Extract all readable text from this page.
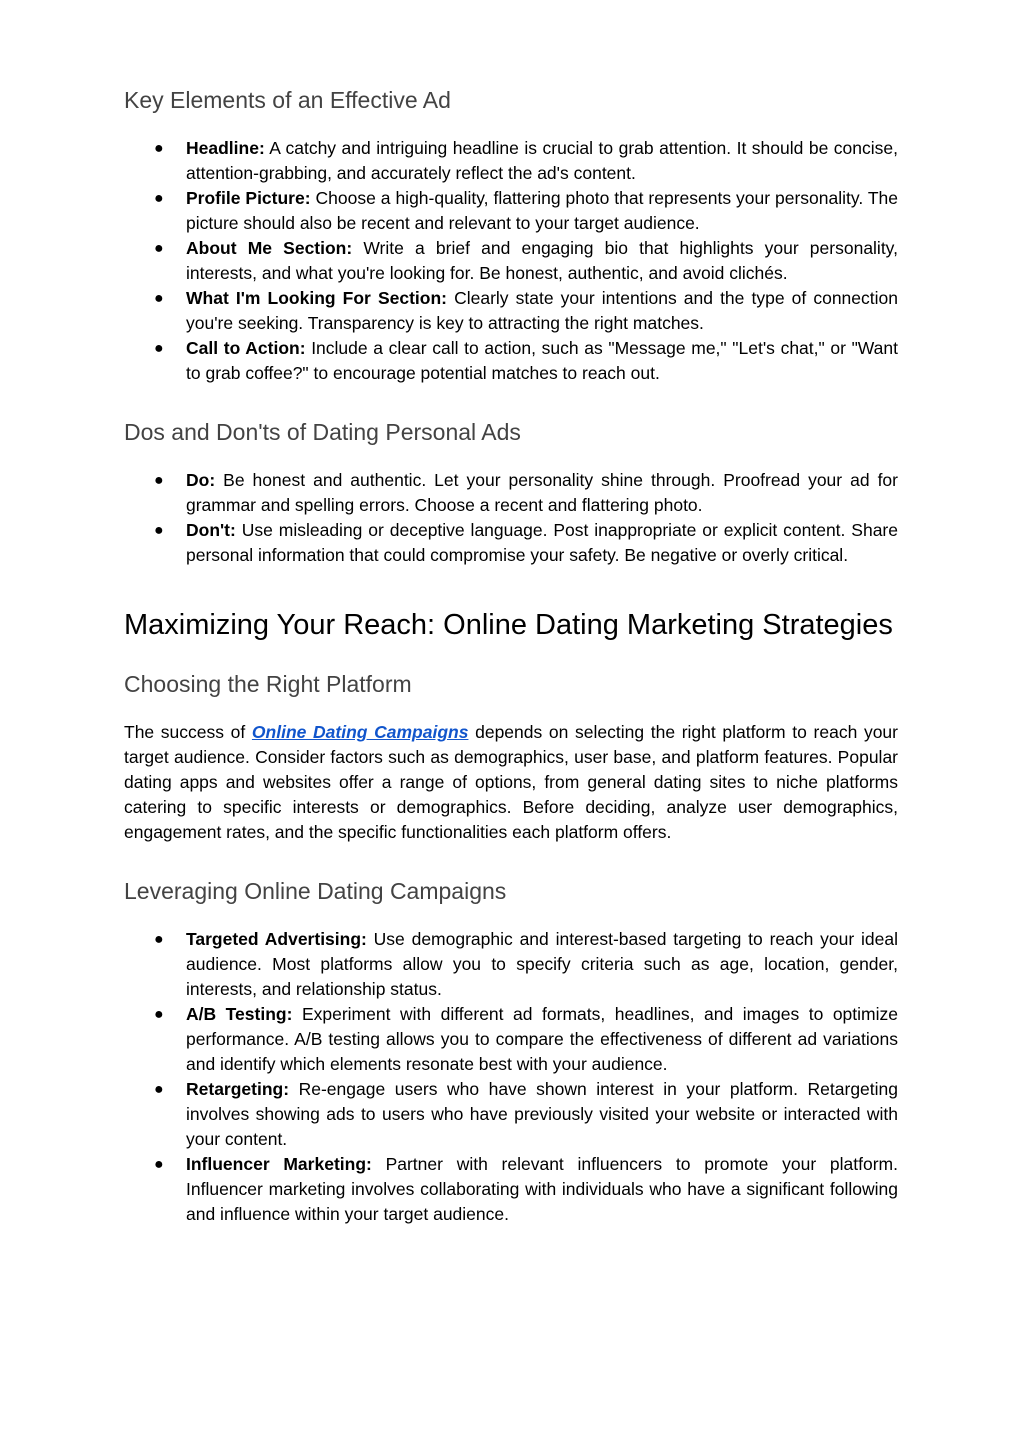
Key Elements of an Effective Ad
● Headline: A catchy and intriguing headline is crucial to grab attention. It should be concise, attention-grabbing, and accurately reflect the ad's content.
● Profile Picture: Choose a high-quality, flattering photo that represents your personality. The picture should also be recent and relevant to your target audience.
● About Me Section: Write a brief and engaging bio that highlights your personality, interests, and what you're looking for. Be honest, authentic, and avoid clichés.
● What I'm Looking For Section: Clearly state your intentions and the type of connection you're seeking. Transparency is key to attracting the right matches.
● Call to Action: Include a clear call to action, such as "Message me," "Let's chat," or "Want to grab coffee?" to encourage potential matches to reach out.
Dos and Don'ts of Dating Personal Ads
● Do: Be honest and authentic. Let your personality shine through. Proofread your ad for grammar and spelling errors. Choose a recent and flattering photo.
● Don't: Use misleading or deceptive language. Post inappropriate or explicit content. Share personal information that could compromise your safety. Be negative or overly critical.
Maximizing Your Reach: Online Dating Marketing Strategies
Choosing the Right Platform

The success of Online Dating Campaigns depends on selecting the right platform to reach your target audience. Consider factors such as demographics, user base, and platform features. Popular dating apps and websites offer a range of options, from general dating sites to niche platforms catering to specific interests or demographics. Before deciding, analyze user demographics, engagement rates, and the specific functionalities each platform offers.

Leveraging Online Dating Campaigns
● Targeted Advertising: Use demographic and interest-based targeting to reach your ideal audience. Most platforms allow you to specify criteria such as age, location, gender, interests, and relationship status.
● A/B Testing: Experiment with different ad formats, headlines, and images to optimize performance. A/B testing allows you to compare the effectiveness of different ad variations and identify which elements resonate best with your audience.
● Retargeting: Re-engage users who have shown interest in your platform. Retargeting involves showing ads to users who have previously visited your website or interacted with your content.
● Influencer Marketing: Partner with relevant influencers to promote your platform. Influencer marketing involves collaborating with individuals who have a significant following and influence within your target audience.
